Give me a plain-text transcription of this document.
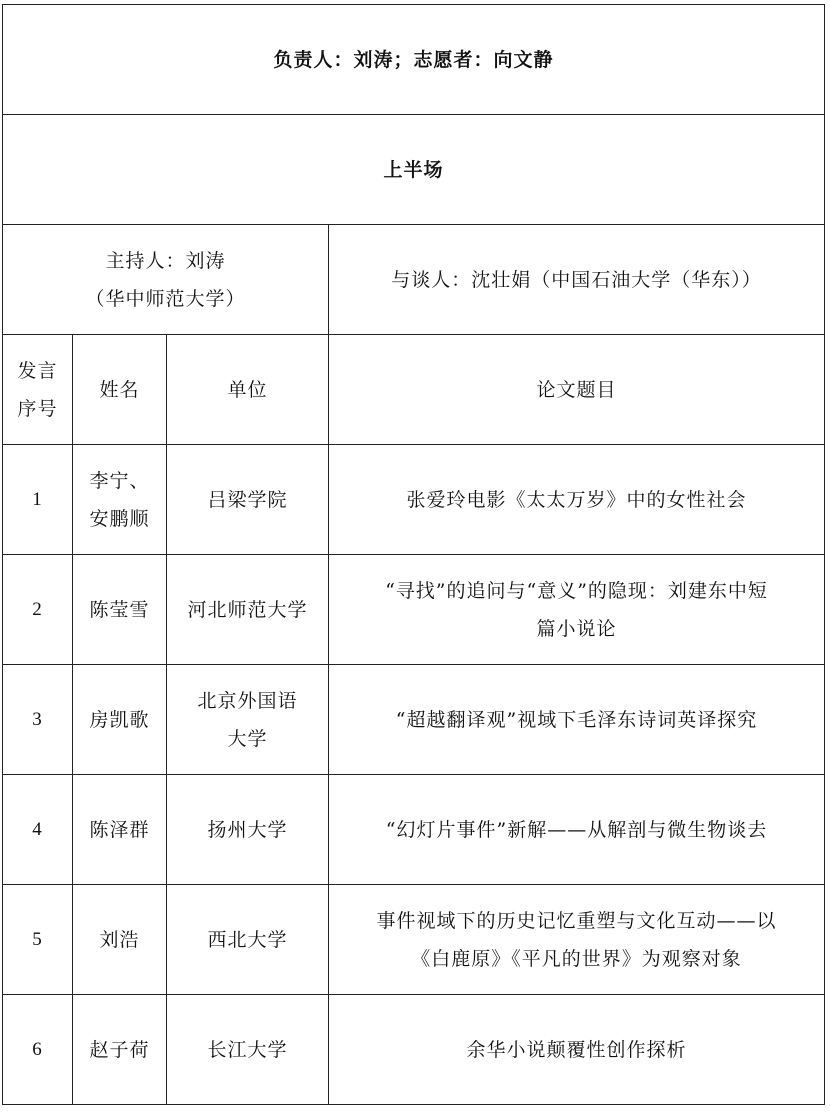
负责人：刘涛；志愿者：向文静			
上半场			

主持人：刘涛
（华中师范大学）			与谈人：沈壮娟（中国石油大学（华东））

发言
序号	姓名	单位	论文题目
1	李宁、
安鹏顺	吕梁学院	张爱玲电影《太太万岁》中的女性社会
2	陈莹雪	河北师范大学	“寻找”的追问与“意义”的隐现：刘建东中短
篇小说论

3	房凯歌	北京外国语
大学	“超越翻译观”视域下毛泽东诗词英译探究
4	陈泽群	扬州大学	“幻灯片事件”新解——从解剖与微生物谈去
5	刘浩	西北大学	事件视域下的历史记忆重塑与文化互动——以
《白鹿原》《平凡的世界》为观察对象

6	赵子荷	长江大学	余华小说颠覆性创作探析
